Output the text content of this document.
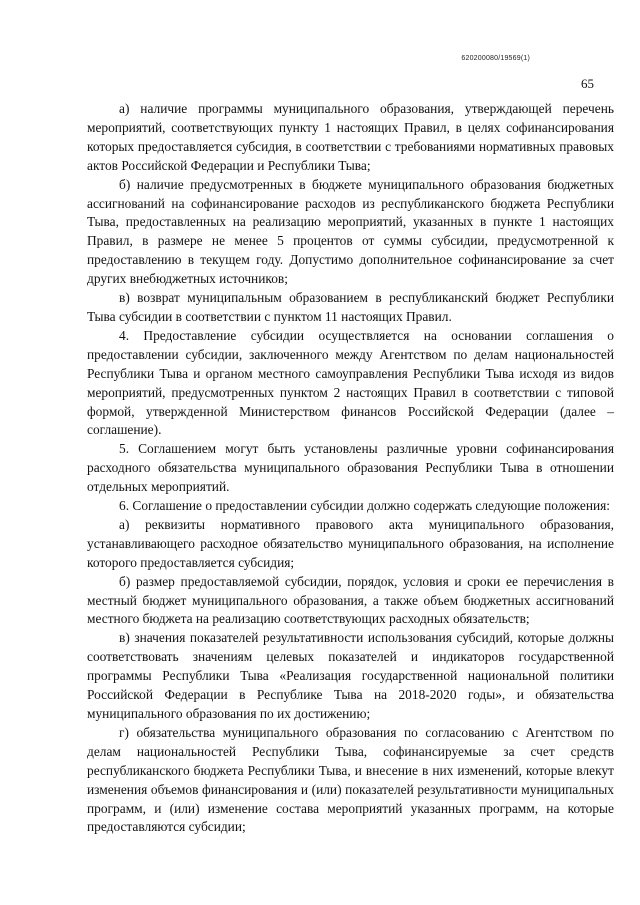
620200080/19569(1)
65

а) наличие программы муниципального образования, утверждающей перечень мероприятий, соответствующих пункту 1 настоящих Правил, в целях софинансирования которых предоставляется субсидия, в соответствии с требованиями нормативных правовых актов Российской Федерации и Республики Тыва;

б) наличие предусмотренных в бюджете муниципального образования бюджетных ассигнований на софинансирование расходов из республиканского бюджета Республики Тыва, предоставленных на реализацию мероприятий, указанных в пункте 1 настоящих Правил, в размере не менее 5 процентов от суммы субсидии, предусмотренной к предоставлению в текущем году. Допустимо дополнительное софинансирование за счет других внебюджетных источников;

в) возврат муниципальным образованием в республиканский бюджет Республики Тыва субсидии в соответствии с пунктом 11 настоящих Правил.

4. Предоставление субсидии осуществляется на основании соглашения о предоставлении субсидии, заключенного между Агентством по делам национальностей Республики Тыва и органом местного самоуправления Республики Тыва исходя из видов мероприятий, предусмотренных пунктом 2 настоящих Правил в соответствии с типовой формой, утвержденной Министерством финансов Российской Федерации (далее – соглашение).

5. Соглашением могут быть установлены различные уровни софинансирования расходного обязательства муниципального образования Республики Тыва в отношении отдельных мероприятий.

6. Соглашение о предоставлении субсидии должно содержать следующие положения:

а) реквизиты нормативного правового акта муниципального образования, устанавливающего расходное обязательство муниципального образования, на исполнение которого предоставляется субсидия;

б) размер предоставляемой субсидии, порядок, условия и сроки ее перечисления в местный бюджет муниципального образования, а также объем бюджетных ассигнований местного бюджета на реализацию соответствующих расходных обязательств;

в) значения показателей результативности использования субсидий, которые должны соответствовать значениям целевых показателей и индикаторов государственной программы Республики Тыва «Реализация государственной национальной политики Российской Федерации в Республике Тыва на 2018-2020 годы», и обязательства муниципального образования по их достижению;

г) обязательства муниципального образования по согласованию с Агентством по делам национальностей Республики Тыва, софинансируемые за счет средств республиканского бюджета Республики Тыва, и внесение в них изменений, которые влекут изменения объемов финансирования и (или) показателей результативности муниципальных программ, и (или) изменение состава мероприятий указанных программ, на которые предоставляются субсидии;
